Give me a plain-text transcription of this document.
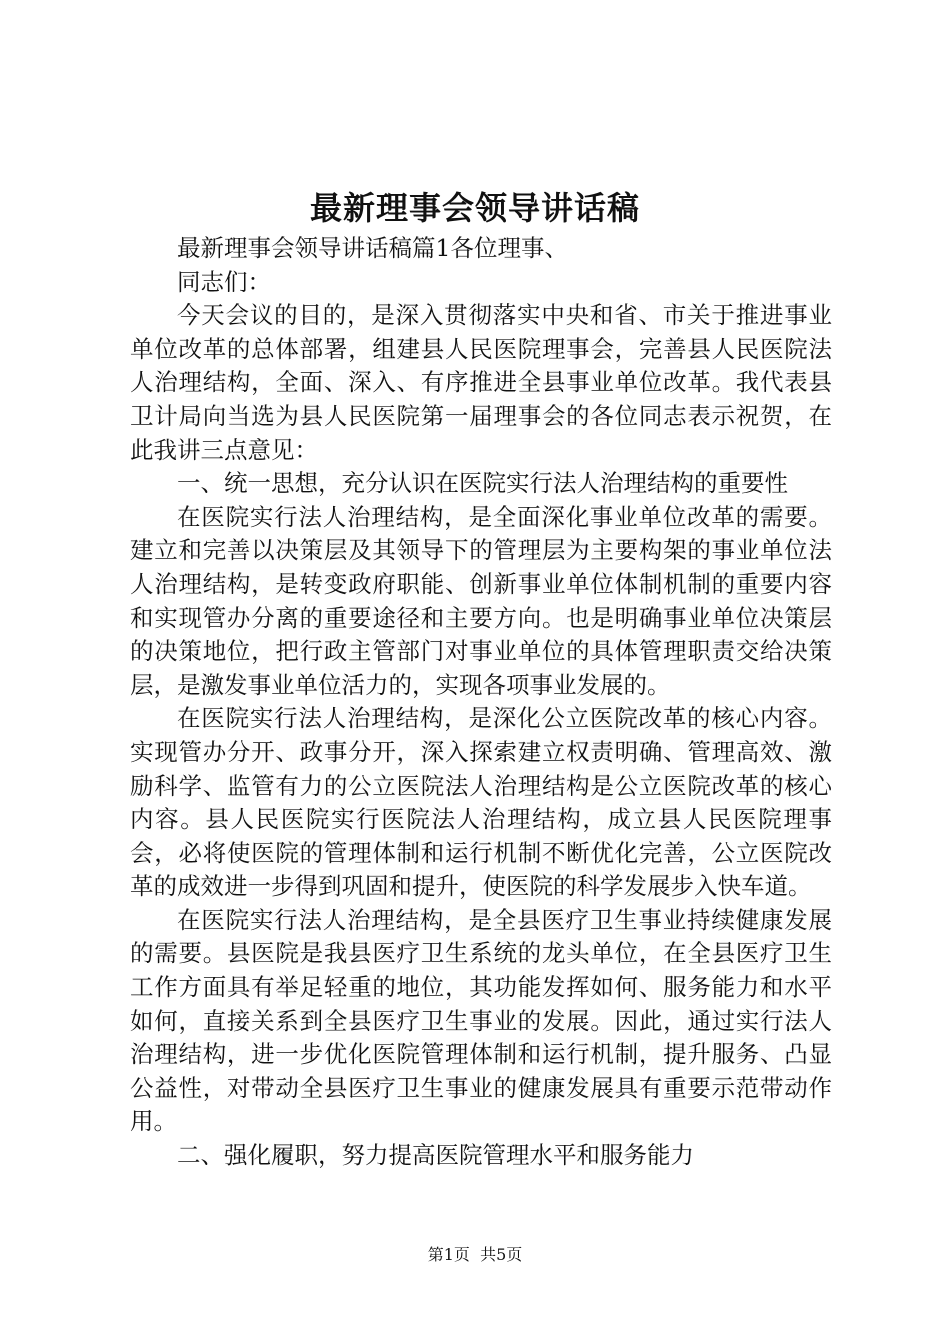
最新理事会领导讲话稿

最新理事会领导讲话稿篇1各位理事、

同志们：

今天会议的目的，是深入贯彻落实中央和省、市关于推进事业单位改革的总体部署，组建县人民医院理事会，完善县人民医院法人治理结构，全面、深入、有序推进全县事业单位改革。我代表县卫计局向当选为县人民医院第一届理事会的各位同志表示祝贺，在此我讲三点意见：

一、统一思想，充分认识在医院实行法人治理结构的重要性

在医院实行法人治理结构，是全面深化事业单位改革的需要。建立和完善以决策层及其领导下的管理层为主要构架的事业单位法人治理结构，是转变政府职能、创新事业单位体制机制的重要内容和实现管办分离的重要途径和主要方向。也是明确事业单位决策层的决策地位，把行政主管部门对事业单位的具体管理职责交给决策层，是激发事业单位活力的，实现各项事业发展的。

在医院实行法人治理结构，是深化公立医院改革的核心内容。实现管办分开、政事分开，深入探索建立权责明确、管理高效、激励科学、监管有力的公立医院法人治理结构是公立医院改革的核心内容。县人民医院实行医院法人治理结构，成立县人民医院理事会，必将使医院的管理体制和运行机制不断优化完善，公立医院改革的成效进一步得到巩固和提升，使医院的科学发展步入快车道。

在医院实行法人治理结构，是全县医疗卫生事业持续健康发展的需要。县医院是我县医疗卫生系统的龙头单位，在全县医疗卫生工作方面具有举足轻重的地位，其功能发挥如何、服务能力和水平如何，直接关系到全县医疗卫生事业的发展。因此，通过实行法人治理结构，进一步优化医院管理体制和运行机制，提升服务、凸显公益性，对带动全县医疗卫生事业的健康发展具有重要示范带动作用。

二、强化履职，努力提高医院管理水平和服务能力

第1页 共5页
